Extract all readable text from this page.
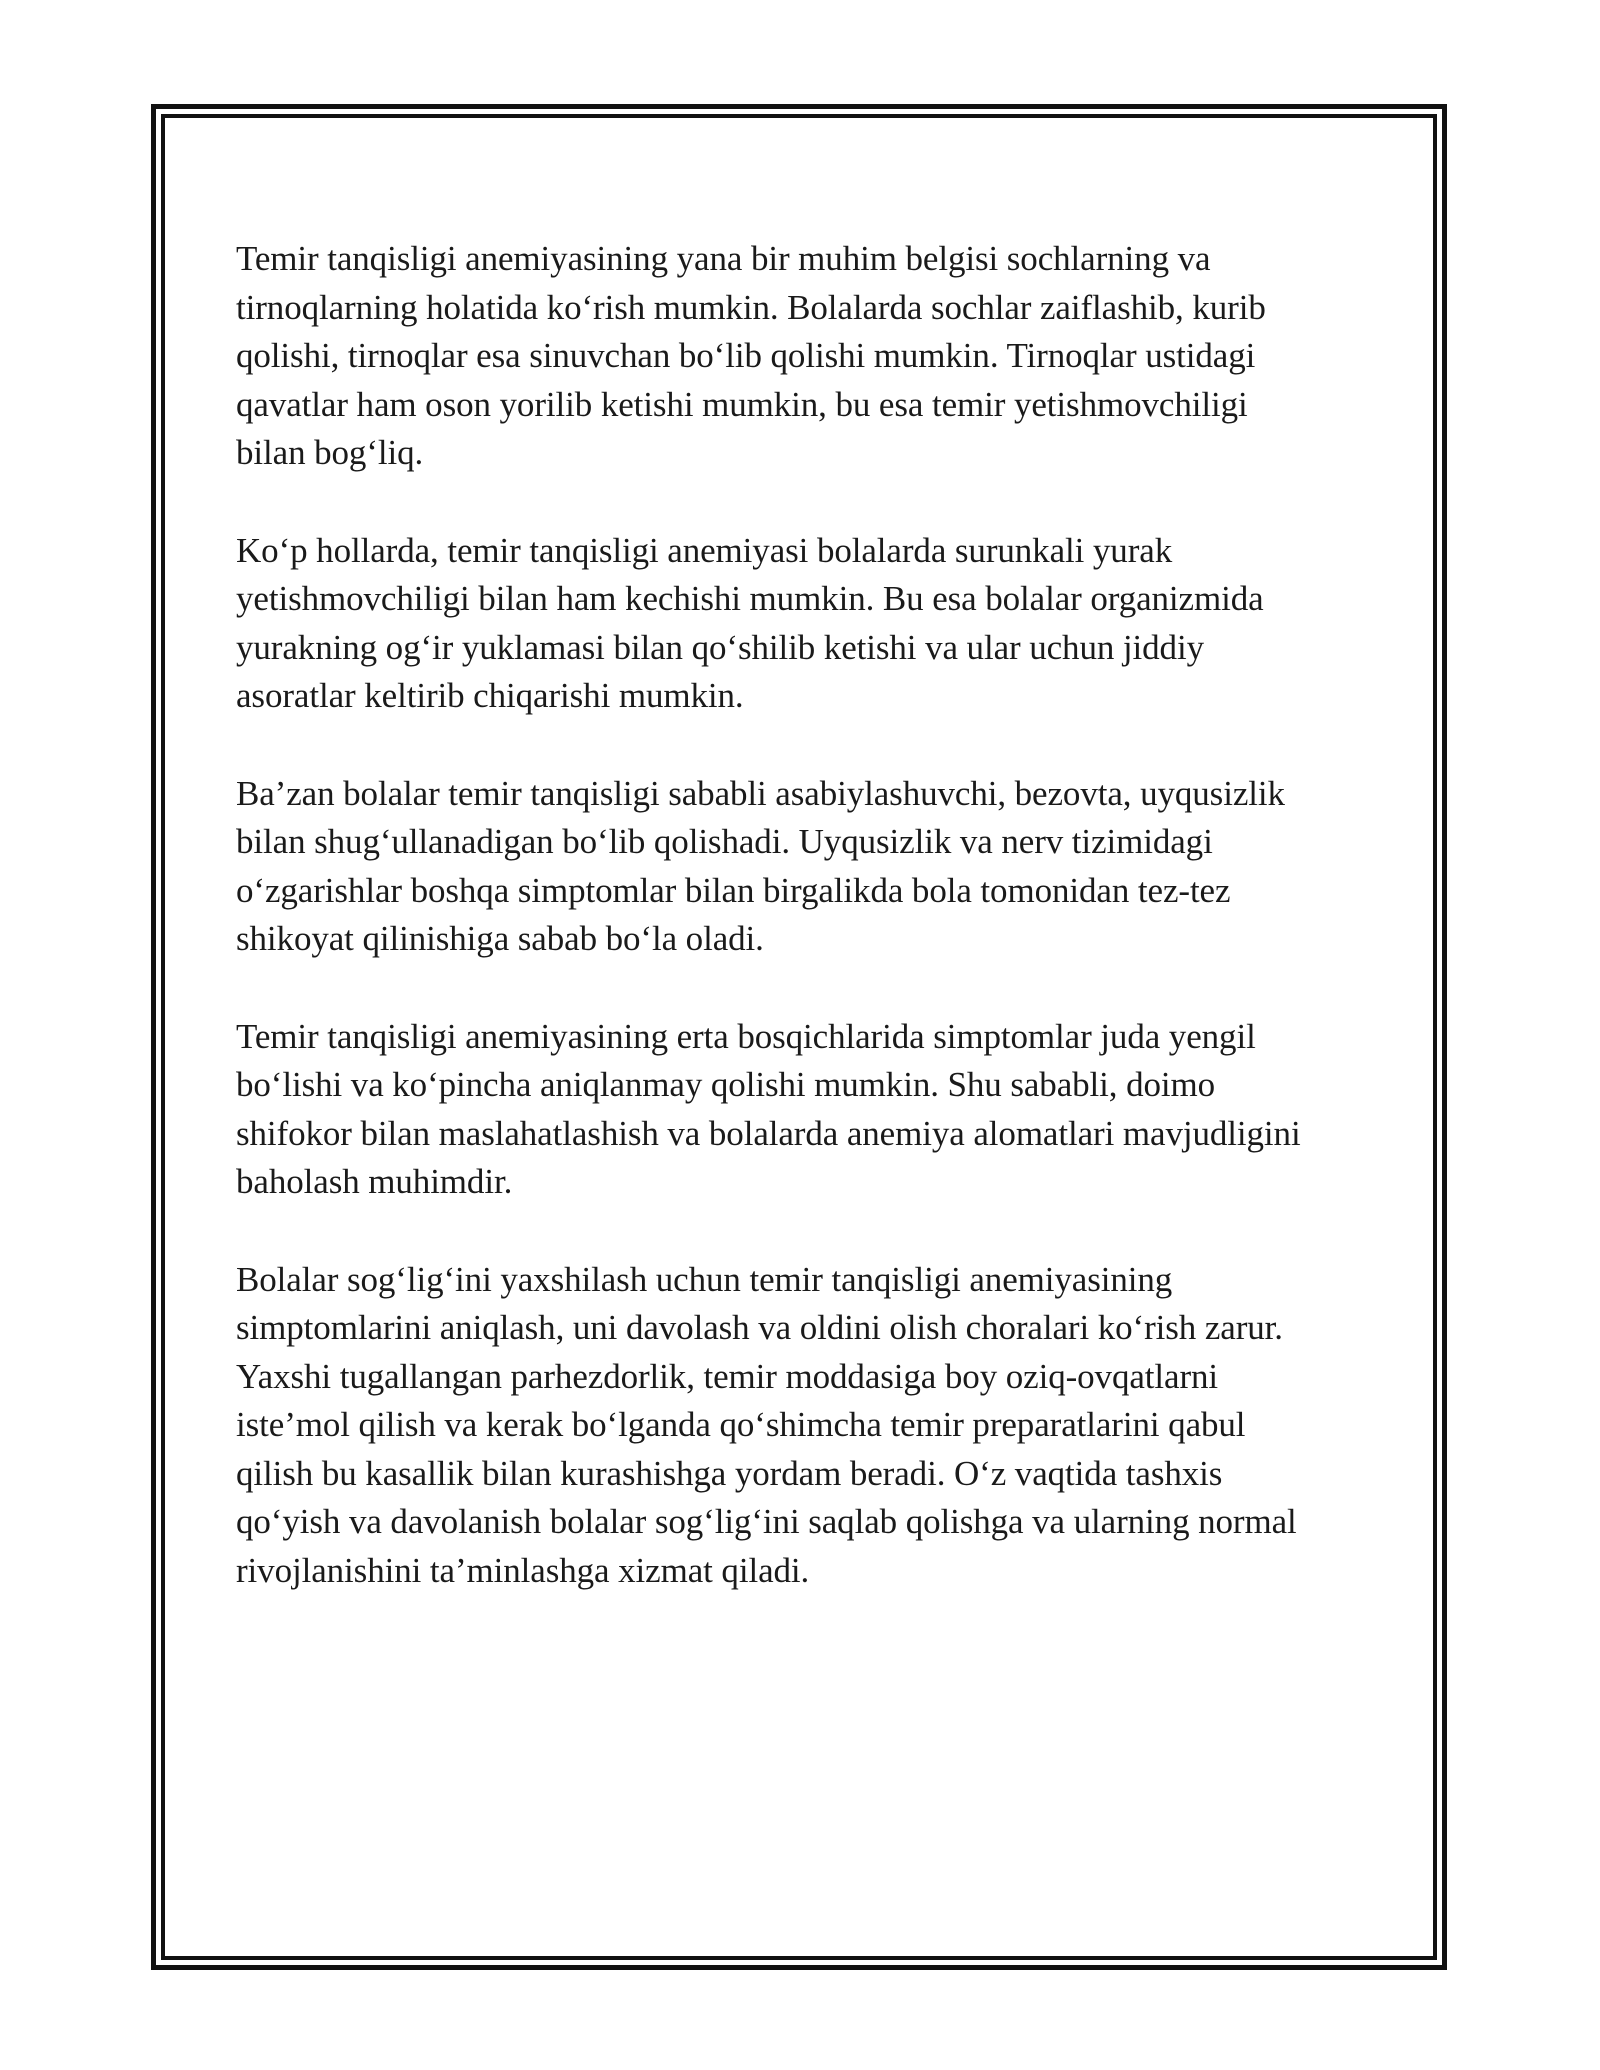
Temir tanqisligi anemiyasining yana bir muhim belgisi sochlarning va
tirnoqlarning holatida ko‘rish mumkin. Bolalarda sochlar zaiflashib, kurib
qolishi, tirnoqlar esa sinuvchan bo‘lib qolishi mumkin. Tirnoqlar ustidagi
qavatlar ham oson yorilib ketishi mumkin, bu esa temir yetishmovchiligi
bilan bog‘liq.

Ko‘p hollarda, temir tanqisligi anemiyasi bolalarda surunkali yurak
yetishmovchiligi bilan ham kechishi mumkin. Bu esa bolalar organizmida
yurakning og‘ir yuklamasi bilan qo‘shilib ketishi va ular uchun jiddiy
asoratlar keltirib chiqarishi mumkin.

Ba’zan bolalar temir tanqisligi sababli asabiylashuvchi, bezovta, uyqusizlik
bilan shug‘ullanadigan bo‘lib qolishadi. Uyqusizlik va nerv tizimidagi
o‘zgarishlar boshqa simptomlar bilan birgalikda bola tomonidan tez-tez
shikoyat qilinishiga sabab bo‘la oladi.

Temir tanqisligi anemiyasining erta bosqichlarida simptomlar juda yengil
bo‘lishi va ko‘pincha aniqlanmay qolishi mumkin. Shu sababli, doimo
shifokor bilan maslahatlashish va bolalarda anemiya alomatlari mavjudligini
baholash muhimdir.

Bolalar sog‘lig‘ini yaxshilash uchun temir tanqisligi anemiyasining
simptomlarini aniqlash, uni davolash va oldini olish choralari ko‘rish zarur.
Yaxshi tugallangan parhezdorlik, temir moddasiga boy oziq-ovqatlarni
iste’mol qilish va kerak bo‘lganda qo‘shimcha temir preparatlarini qabul
qilish bu kasallik bilan kurashishga yordam beradi. O‘z vaqtida tashxis
qo‘yish va davolanish bolalar sog‘lig‘ini saqlab qolishga va ularning normal
rivojlanishini ta’minlashga xizmat qiladi.
